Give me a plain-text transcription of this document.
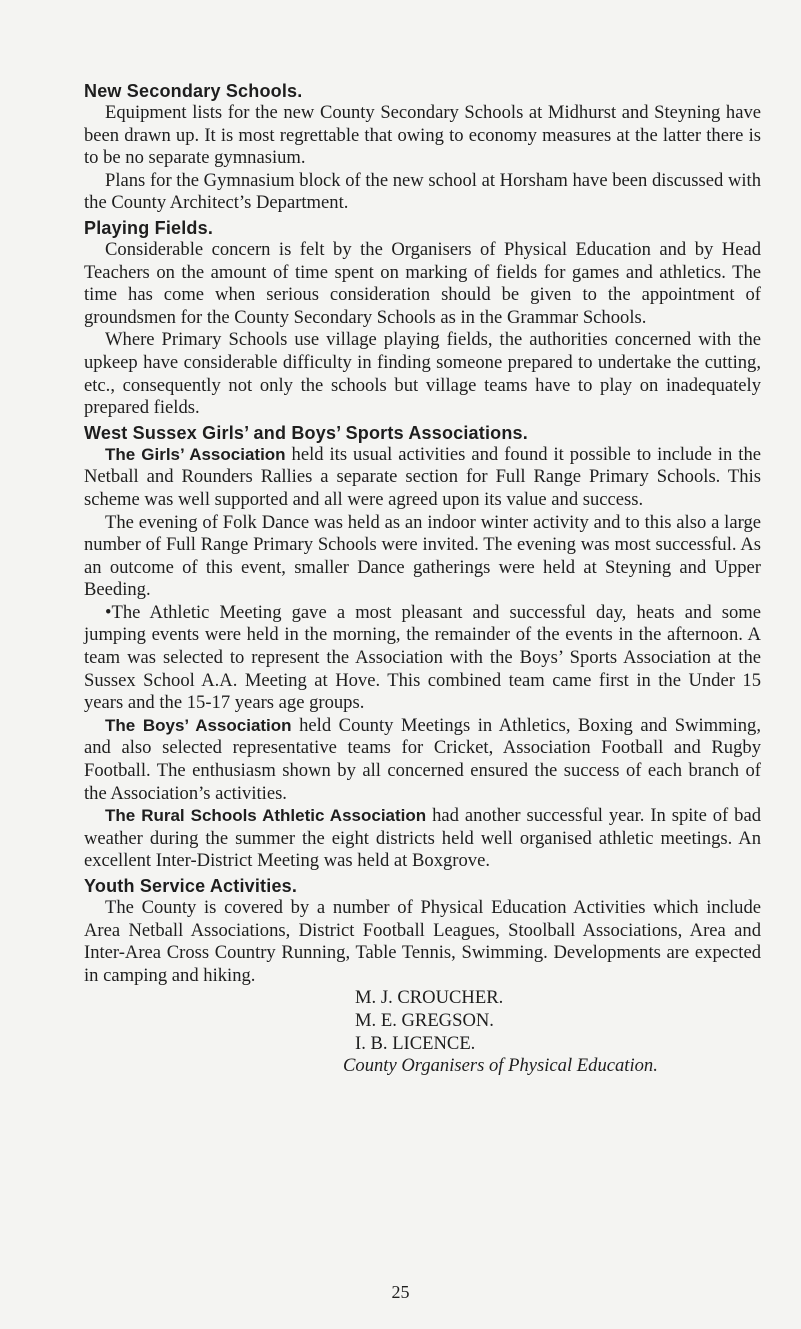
New Secondary Schools.

Equipment lists for the new County Secondary Schools at Midhurst and Steyning have been drawn up. It is most regrettable that owing to economy measures at the latter there is to be no separate gymnasium.

Plans for the Gymnasium block of the new school at Horsham have been discussed with the County Architect’s Department.

Playing Fields.

Considerable concern is felt by the Organisers of Physical Education and by Head Teachers on the amount of time spent on marking of fields for games and athletics. The time has come when serious consideration should be given to the appointment of groundsmen for the County Secondary Schools as in the Grammar Schools.

Where Primary Schools use village playing fields, the authorities concerned with the upkeep have considerable difficulty in finding someone prepared to undertake the cutting, etc., consequently not only the schools but village teams have to play on inadequately prepared fields.

West Sussex Girls’ and Boys’ Sports Associations.

The Girls’ Association held its usual activities and found it possible to include in the Netball and Rounders Rallies a separate section for Full Range Primary Schools. This scheme was well supported and all were agreed upon its value and success.

The evening of Folk Dance was held as an indoor winter activity and to this also a large number of Full Range Primary Schools were invited. The evening was most successful. As an outcome of this event, smaller Dance gatherings were held at Steyning and Upper Beeding.

•The Athletic Meeting gave a most pleasant and successful day, heats and some jumping events were held in the morning, the remainder of the events in the afternoon. A team was selected to represent the Association with the Boys’ Sports Association at the Sussex School A.A. Meeting at Hove. This combined team came first in the Under 15 years and the 15-17 years age groups.

The Boys’ Association held County Meetings in Athletics, Boxing and Swimming, and also selected representative teams for Cricket, Association Football and Rugby Football. The enthusiasm shown by all concerned ensured the success of each branch of the Association’s activities.

The Rural Schools Athletic Association had another successful year. In spite of bad weather during the summer the eight districts held well organised athletic meetings. An excellent Inter-District Meeting was held at Boxgrove.

Youth Service Activities.

The County is covered by a number of Physical Education Activities which include Area Netball Associations, District Football Leagues, Stoolball Associations, Area and Inter-Area Cross Country Running, Table Tennis, Swimming. Developments are expected in camping and hiking.

M. J. CROUCHER.
M. E. GREGSON.
I. B. LICENCE.
County Organisers of Physical Education.
25
